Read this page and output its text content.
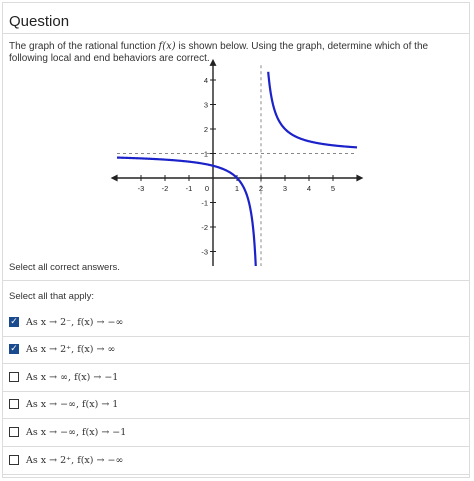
Question
The graph of the rational function f(x) is shown below. Using the graph, determine which of the following local and end behaviors are correct.
-3 -2 -1 0	1	2	3	4	5
4
3
2
1
-1
-2
-3
Select all correct answers.
Select all that apply:
✓ As x → 2⁻, f(x) → −∞
✓ As x → 2⁺, f(x) → ∞
As x → ∞, f(x) → −1
As x → −∞, f(x) → 1
As x → −∞, f(x) → −1
As x → 2⁺, f(x) → −∞
